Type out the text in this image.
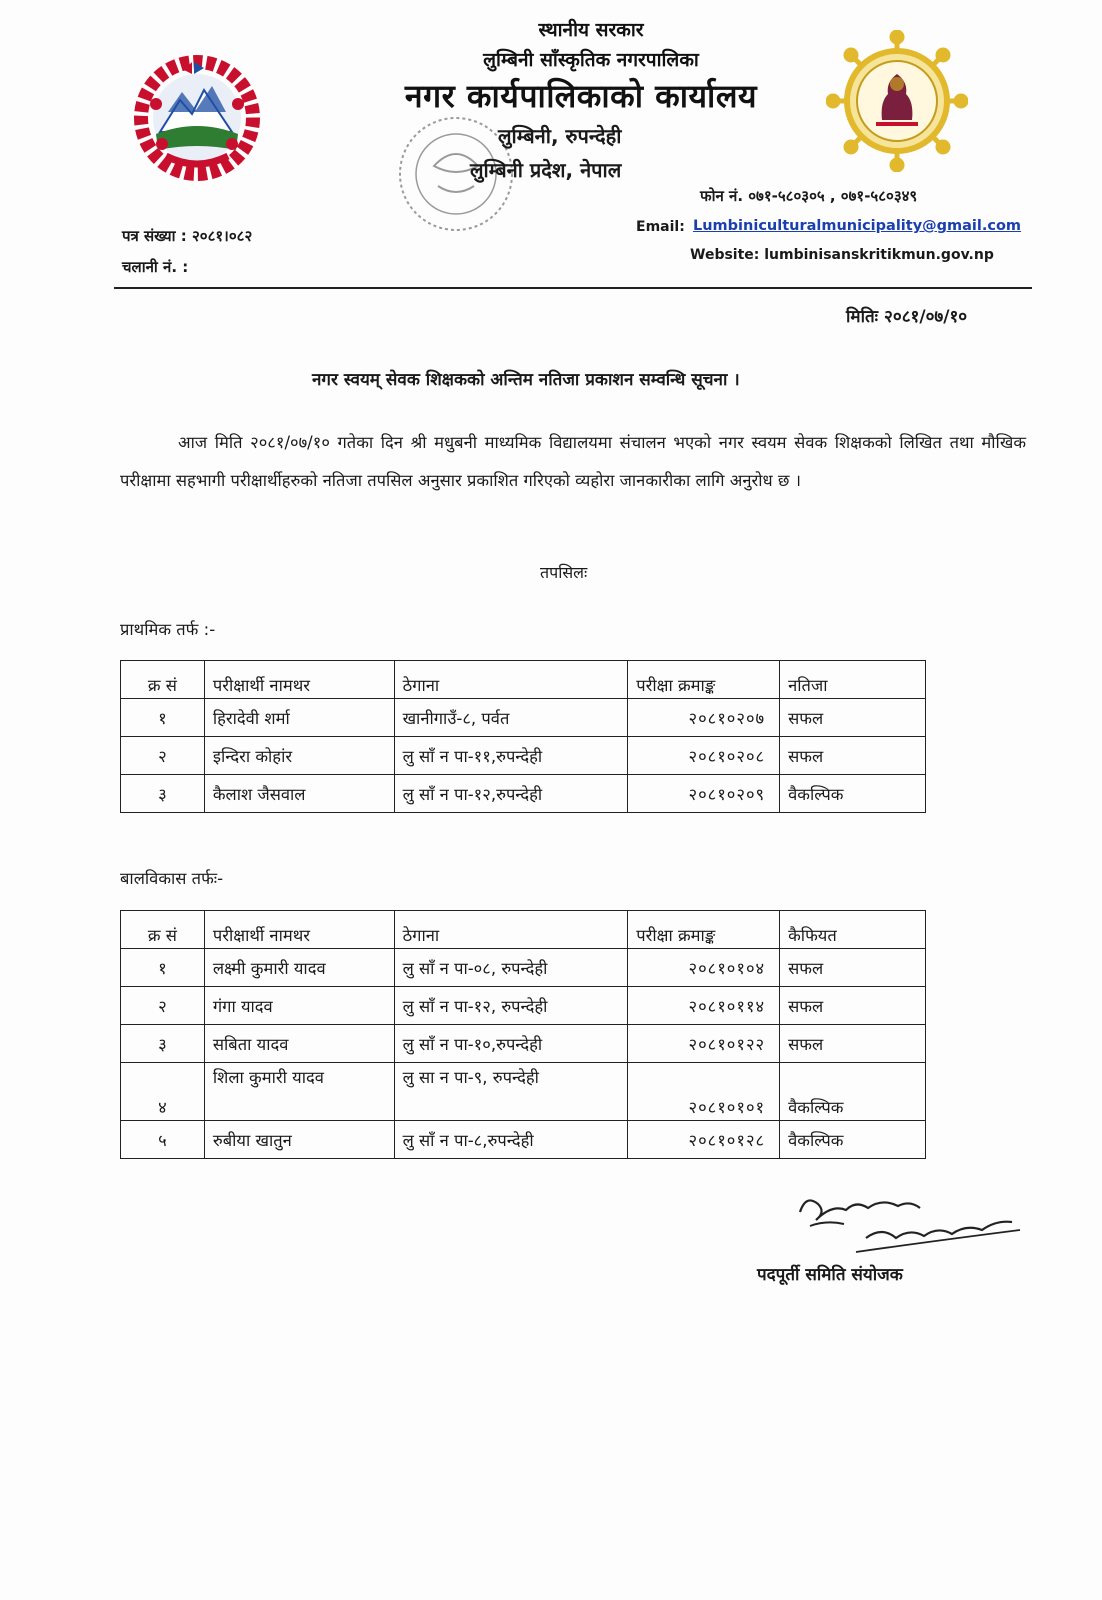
स्थानीय सरकार
लुम्बिनी साँस्कृतिक नगरपालिका
नगर कार्यपालिकाको कार्यालय
लुम्बिनी, रुपन्देही
लुम्बिनी प्रदेश, नेपाल
फोन नं. ०७१-५८०३०५ , ०७१-५८०३४९
Email: Lumbiniculturalmunicipality@gmail.com
Website: lumbinisanskritikmun.gov.np
पत्र संख्या : २०८१।०८२
चलानी नं. :
मितिः २०८१/०७/१०
नगर स्वयम् सेवक शिक्षकको अन्तिम नतिजा प्रकाशन सम्वन्धि सूचना ।
आज मिति २०८१/०७/१० गतेका दिन श्री मधुबनी माध्यमिक विद्यालयमा संचालन भएको नगर स्वयम सेवक शिक्षकको लिखित तथा मौखिक परीक्षामा सहभागी परीक्षार्थीहरुको नतिजा तपसिल अनुसार प्रकाशित गरिएको व्यहोरा जानकारीका लागि अनुरोध छ ।
तपसिलः
प्राथमिक तर्फ :-
क्र सं	परीक्षार्थी नामथर	ठेगाना	परीक्षा क्रमाङ्क	नतिजा
१	हिरादेवी शर्मा	खानीगाउँ-८, पर्वत	२०८१०२०७	सफल
२	इन्दिरा कोहांर	लु सॉं न पा-११,रुपन्देही	२०८१०२०८	सफल
३	कैलाश जैसवाल	लु सॉं न पा-१२,रुपन्देही	२०८१०२०९	वैकल्पिक
बालविकास तर्फः-
क्र सं	परीक्षार्थी नामथर	ठेगाना	परीक्षा क्रमाङ्क	कैफियत
१	लक्ष्मी कुमारी यादव	लु सॉं न पा-०८, रुपन्देही	२०८१०१०४	सफल
२	गंगा यादव	लु सॉं न पा-१२, रुपन्देही	२०८१०११४	सफल
३	सबिता यादव	लु सॉं न पा-१०,रुपन्देही	२०८१०१२२	सफल
४	शिला कुमारी यादव	लु सा न पा-९, रुपन्देही	२०८१०१०१	वैकल्पिक
५	रुबीया खातुन	लु सॉं न पा-८,रुपन्देही	२०८१०१२८	वैकल्पिक
पदपूर्ती समिति संयोजक
